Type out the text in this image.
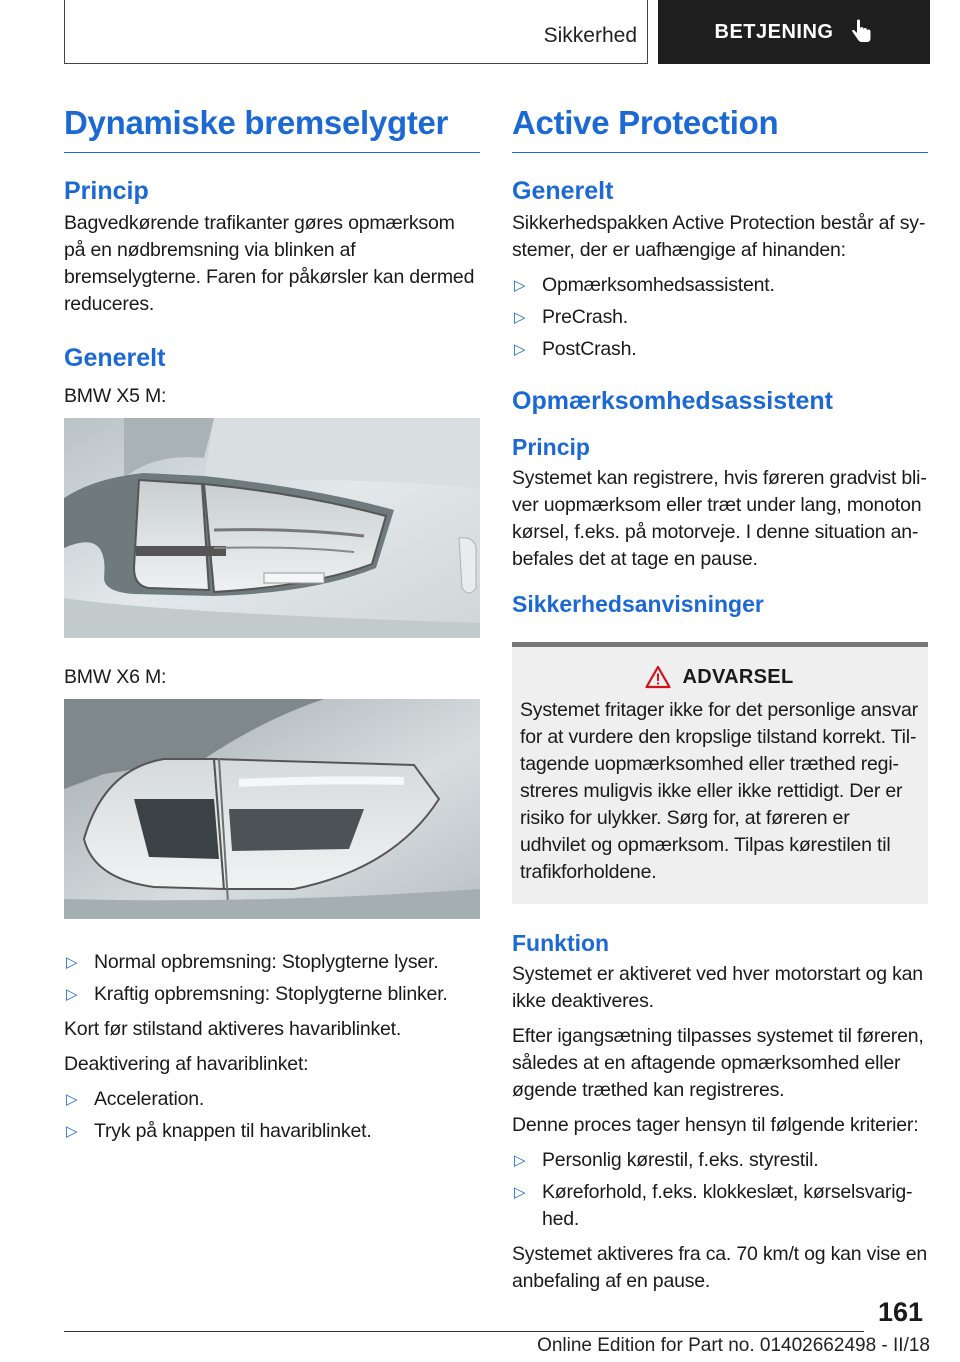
Sikkerhed	BETJENING
Dynamiske bremselygter
Princip

Bagvedkørende trafikanter gøres opmærksom på en nødbremsning via blinken af bremselygterne. Faren for påkørsler kan dermed reduceres.

Generelt

BMW X5 M:

BMW X6 M:

▷ Normal opbremsning: Stoplygterne lyser.
▷ Kraftig opbremsning: Stoplygterne blinker.

Kort før stilstand aktiveres havariblinket.

Deaktivering af havariblinket:

▷ Acceleration.
▷ Tryk på knappen til havariblinket.
Active Protection
Generelt

Sikkerhedspakken Active Protection består af systemer, der er uafhængige af hinanden:

▷ Opmærksomhedsassistent.
▷ PreCrash.
▷ PostCrash.
Opmærksomhedsassistent
Princip

Systemet kan registrere, hvis føreren gradvist bliver uopmærksom eller træt under lang, monoton kørsel, f.eks. på motorveje. I denne situation anbefales det at tage en pause.

Sikkerhedsanvisninger
ADVARSEL

Systemet fritager ikke for det personlige ansvar for at vurdere den kropslige tilstand korrekt. Tiltagende uopmærksomhed eller træthed registreres muligvis ikke eller ikke rettidigt. Der er risiko for ulykker. Sørg for, at føreren er udhvilet og opmærksom. Tilpas kørestilen til trafikforholdene.

Funktion

Systemet er aktiveret ved hver motorstart og kan ikke deaktiveres.

Efter igangsætning tilpasses systemet til føreren, således at en aftagende opmærksomhed eller øgende træthed kan registreres.

Denne proces tager hensyn til følgende kriterier:

▷ Personlig kørestil, f.eks. styrestil.
▷ Køreforhold, f.eks. klokkeslæt, kørselsvarighed.

Systemet aktiveres fra ca. 70 km/t og kan vise en anbefaling af en pause.

161
Online Edition for Part no. 01402662498 - II/18
